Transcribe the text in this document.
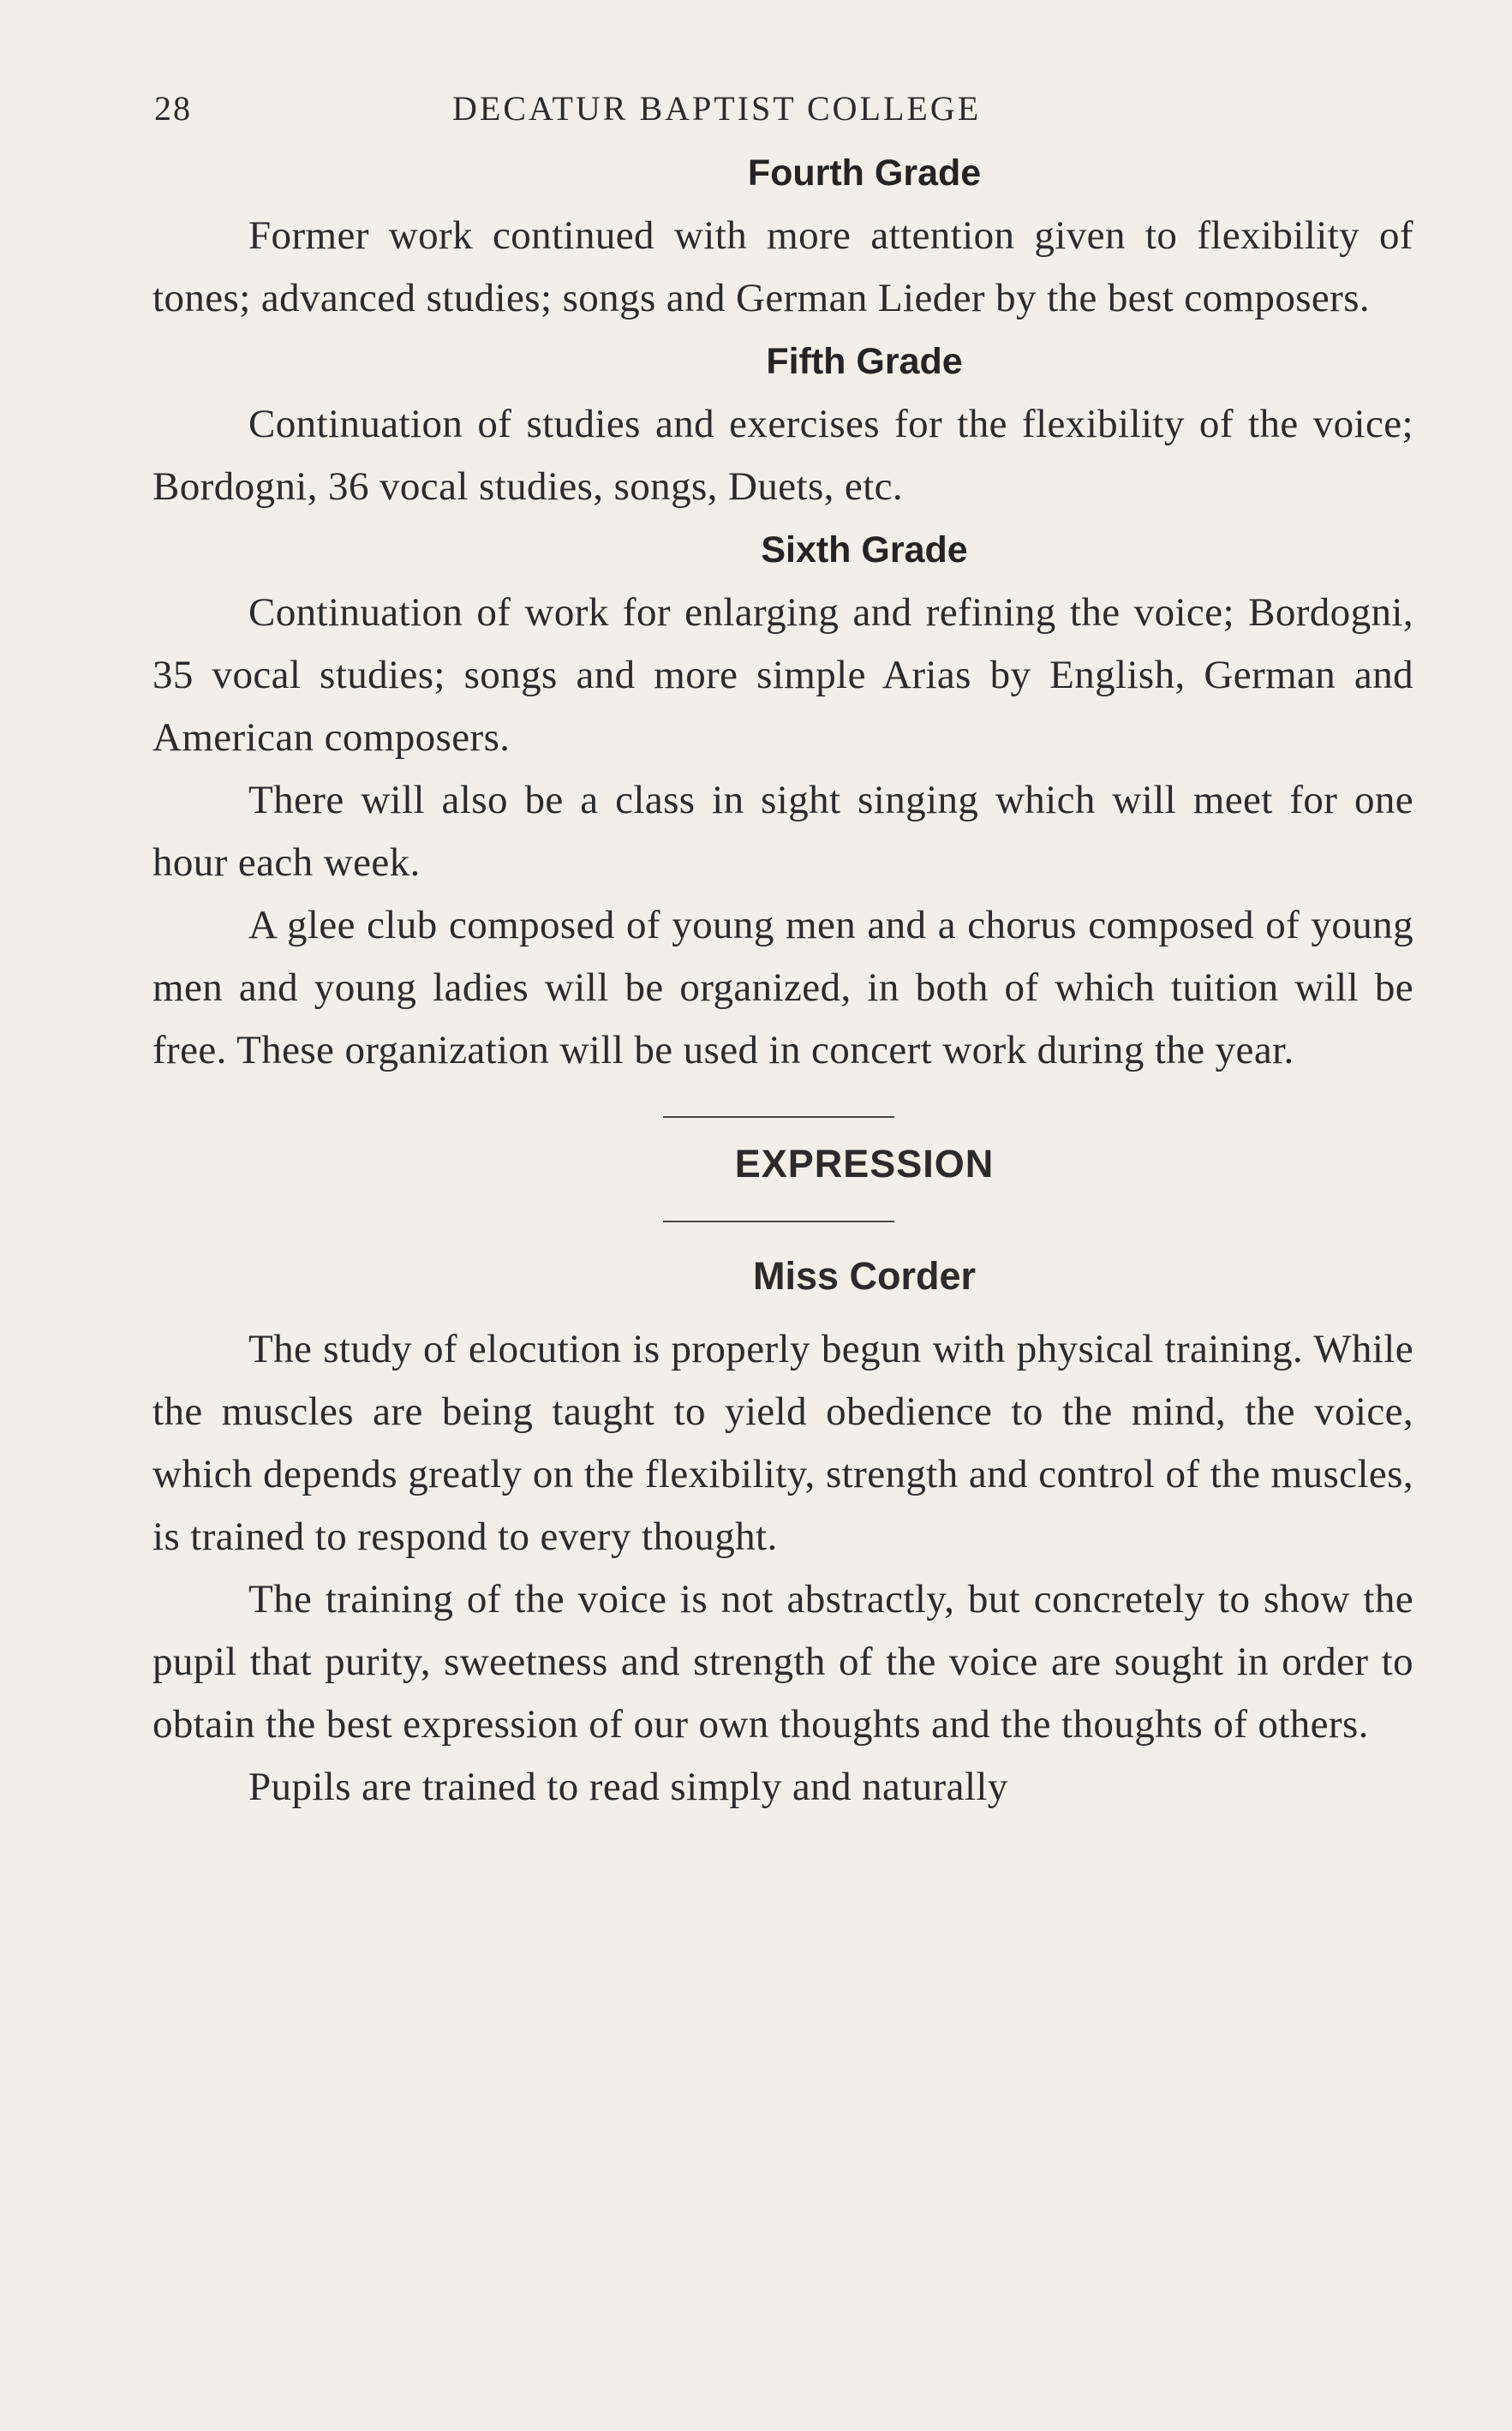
28	DECATUR BAPTIST COLLEGE
Fourth Grade

Former work continued with more attention given to flexibility of tones; advanced studies; songs and German Lieder by the best composers.

Fifth Grade

Continuation of studies and exercises for the flexibility of the voice; Bordogni, 36 vocal studies, songs, Duets, etc.

Sixth Grade

Continuation of work for enlarging and refining the voice; Bordogni, 35 vocal studies; songs and more simple Arias by English, German and American composers.

There will also be a class in sight singing which will meet for one hour each week.

A glee club composed of young men and a chorus composed of young men and young ladies will be organized, in both of which tuition will be free. These organization will be used in concert work during the year.

EXPRESSION
Miss Corder

The study of elocution is properly begun with physical training. While the muscles are being taught to yield obedience to the mind, the voice, which depends greatly on the flexibility, strength and control of the muscles, is trained to respond to every thought.

The training of the voice is not abstractly, but concretely to show the pupil that purity, sweetness and strength of the voice are sought in order to obtain the best expression of our own thoughts and the thoughts of others.

Pupils are trained to read simply and naturally
